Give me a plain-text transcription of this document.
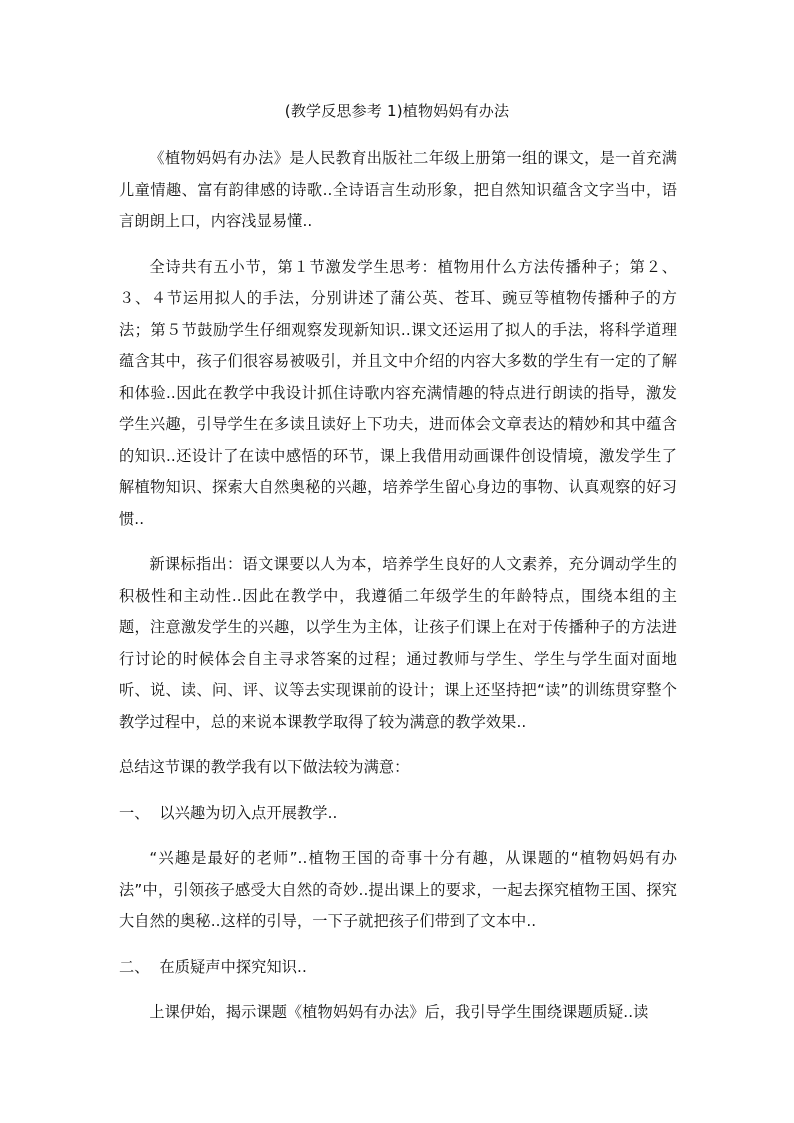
(教学反思参考 1)植物妈妈有办法

《植物妈妈有办法》是人民教育出版社二年级上册第一组的课文，是一首充满儿童情趣、富有韵律感的诗歌..全诗语言生动形象，把自然知识蕴含文字当中，语言朗朗上口，内容浅显易懂..

全诗共有五小节，第１节激发学生思考：植物用什么方法传播种子；第２、３、４节运用拟人的手法，分别讲述了蒲公英、苍耳、豌豆等植物传播种子的方法；第５节鼓励学生仔细观察发现新知识..课文还运用了拟人的手法，将科学道理蕴含其中，孩子们很容易被吸引，并且文中介绍的内容大多数的学生有一定的了解和体验..因此在教学中我设计抓住诗歌内容充满情趣的特点进行朗读的指导，激发学生兴趣，引导学生在多读且读好上下功夫，进而体会文章表达的精妙和其中蕴含的知识..还设计了在读中感悟的环节，课上我借用动画课件创设情境，激发学生了解植物知识、探索大自然奥秘的兴趣，培养学生留心身边的事物、认真观察的好习惯..

新课标指出：语文课要以人为本，培养学生良好的人文素养，充分调动学生的积极性和主动性..因此在教学中，我遵循二年级学生的年龄特点，围绕本组的主题，注意激发学生的兴趣，以学生为主体，让孩子们课上在对于传播种子的方法进行讨论的时候体会自主寻求答案的过程；通过教师与学生、学生与学生面对面地听、说、读、问、评、议等去实现课前的设计；课上还坚持把“读”的训练贯穿整个教学过程中，总的来说本课教学取得了较为满意的教学效果..

总结这节课的教学我有以下做法较为满意：

一、  以兴趣为切入点开展教学..

“兴趣是最好的老师”..植物王国的奇事十分有趣，从课题的“植物妈妈有办法”中，引领孩子感受大自然的奇妙..提出课上的要求，一起去探究植物王国、探究大自然的奥秘..这样的引导，一下子就把孩子们带到了文本中..

二、  在质疑声中探究知识..

上课伊始，揭示课题《植物妈妈有办法》后，我引导学生围绕课题质疑..读
